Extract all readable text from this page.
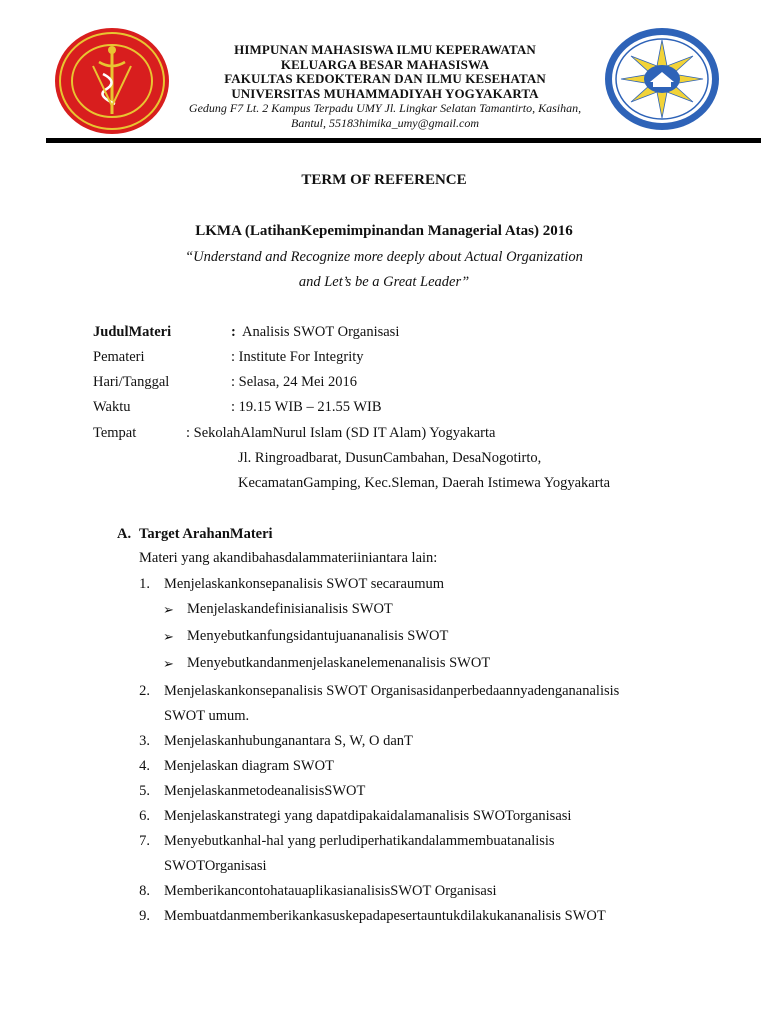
HIMPUNAN MAHASISWA ILMU KEPERAWATAN
KELUARGA BESAR MAHASISWA
FAKULTAS KEDOKTERAN DAN ILMU KESEHATAN
UNIVERSITAS MUHAMMADIYAH YOGYAKARTA
Gedung F7 Lt. 2 Kampus Terpadu UMY Jl. Lingkar Selatan Tamantirto, Kasihan,
Bantul, 55183himika_umy@gmail.com
TERM OF REFERENCE
LKMA (LatihanKepemimpinandan Managerial Atas) 2016
“Understand and Recognize more deeply about Actual Organization
and Let’s be a Great Leader”
JudulMateri	: Analisis SWOT Organisasi
Pemateri	: Institute For Integrity
Hari/Tanggal	: Selasa, 24 Mei 2016
Waktu	: 19.15 WIB – 21.55 WIB
Tempat	: SekolahAlamNurul Islam (SD IT Alam) Yogyakarta
Jl. Ringroadbarat, DusunCambahan, DesaNogotirto,
KecamatanGamping, Kec.Sleman, Daerah Istimewa Yogyakarta
A. Target ArahanMateri
Materi yang akandibahasdalammateriiniantara lain:
1. Menjelaskankonsepanalisis SWOT secaraumum
➢ Menjelaskandefinisianalisis SWOT
➢ Menyebutkanfungsidantujuananalisis SWOT
➢ Menyebutkandanmenjelaskanelemenanalisis SWOT
2. Menjelaskankonsepanalisis SWOT Organisasidanperbedaannyadengananalisis
SWOT umum.
3. Menjelaskanhubunganantara S, W, O danT
4. Menjelaskan diagram SWOT
5. MenjelaskanmetodeanalisisSWOT
6. Menjelaskanstrategi yang dapatdipakaidalamanalisis SWOTorganisasi
7. Menyebutkanhal-hal yang perludiperhatikandalammembuatanalisis
SWOTOrganisasi
8. MemberikancontohatauaplikasianalisisSWOT Organisasi
9. Membuatdanmemberikankasuskepadapesertauntukdilakukananalisis SWOT
